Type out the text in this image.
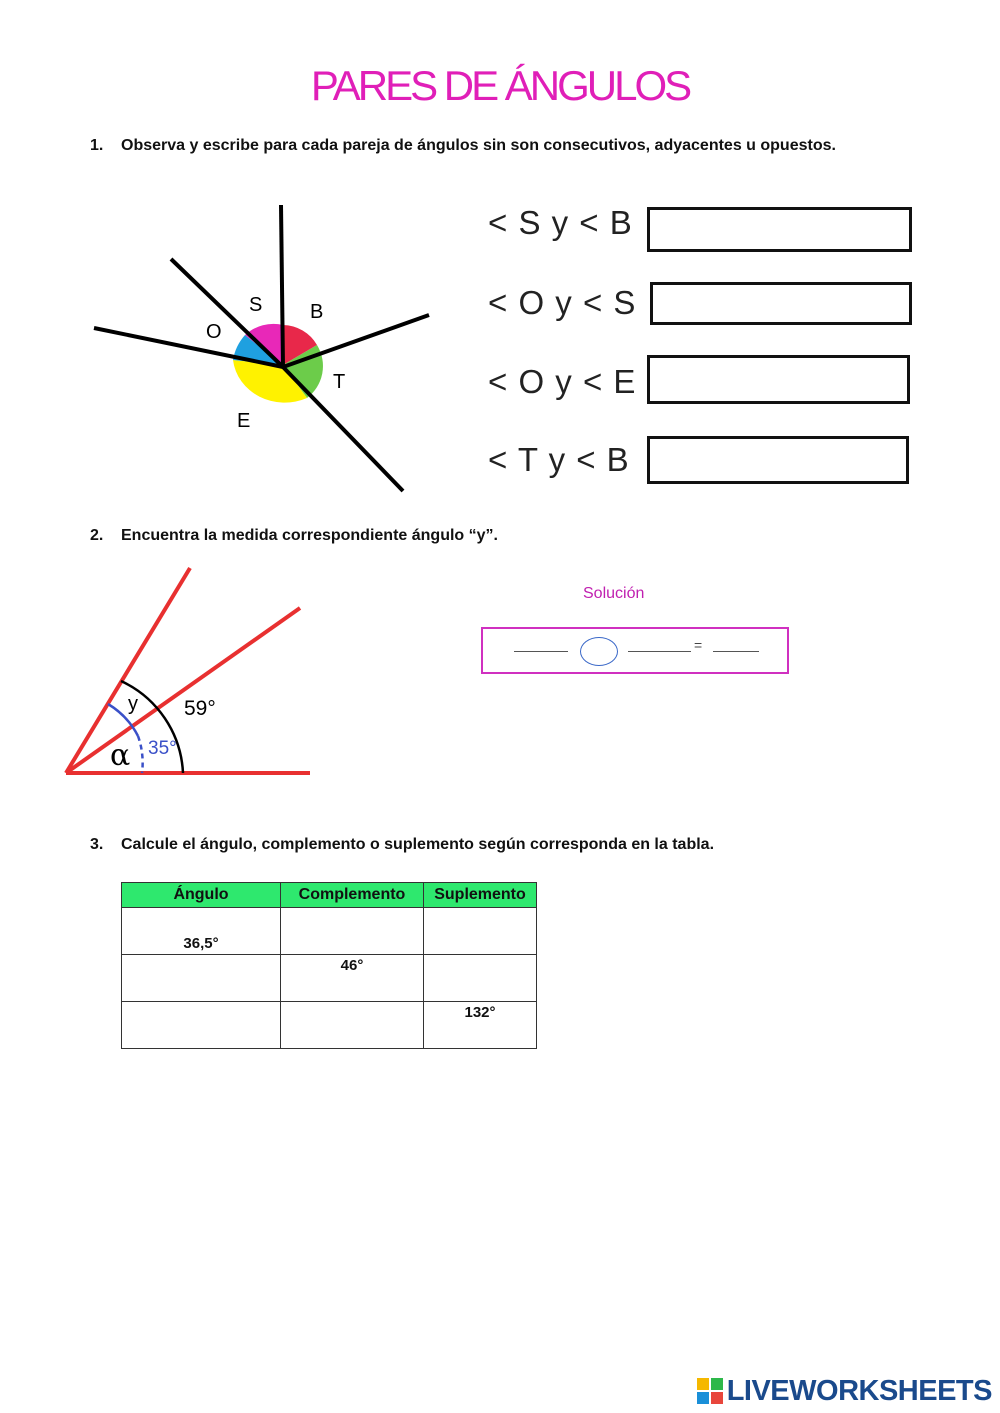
PARES DE ÁNGULOS
1. Observa y escribe para cada pareja de ángulos sin son consecutivos, adyacentes u opuestos.
S B
O
T
E
< S y < B
< O y < S
< O y < E
< T y < B
2. Encuentra la medida correspondiente ángulo “y”.
y
α
59°
35°
Solución
=
3. Calcule el ángulo, complemento o suplemento según corresponda en la tabla.
Ángulo	Complemento	Suplemento
36,5°		
	46°	
		132°
LIVEWORKSHEETS
